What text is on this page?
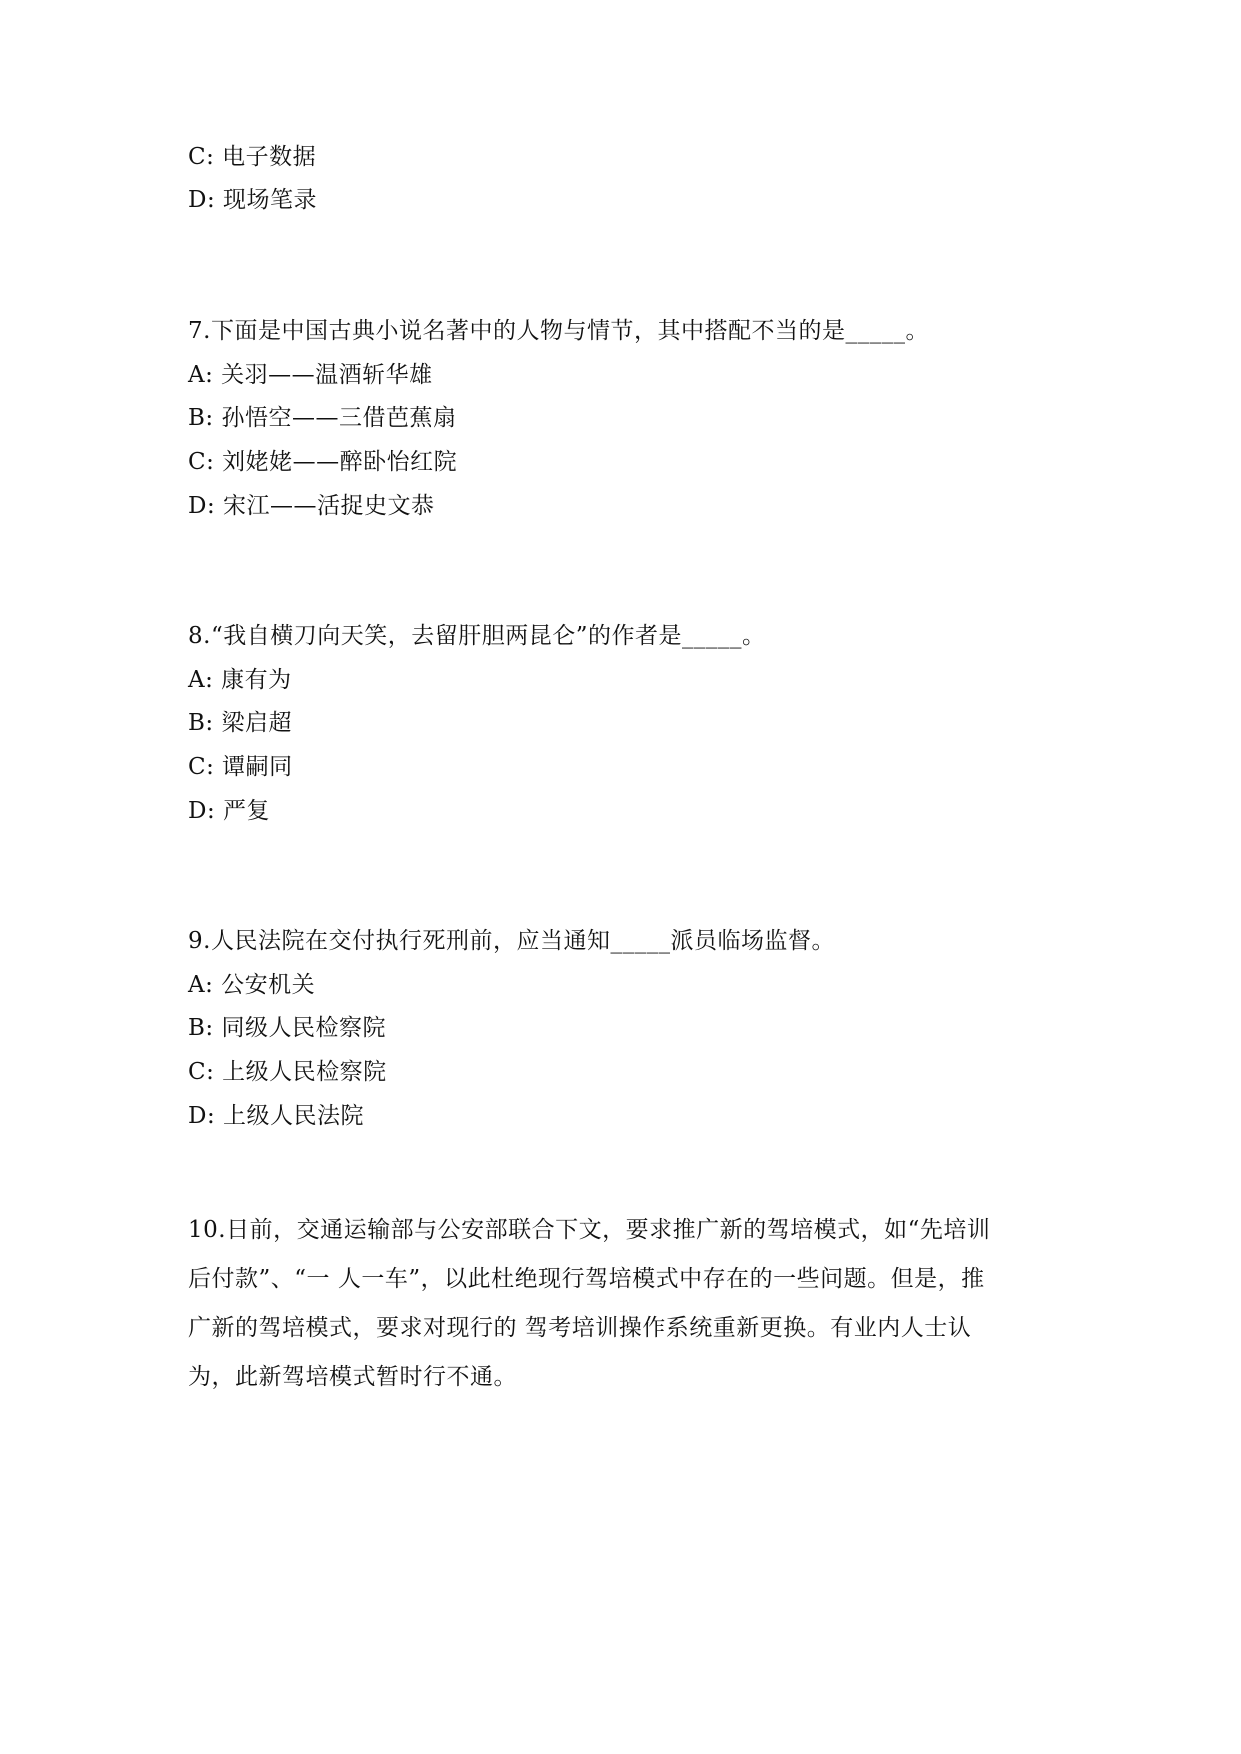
C: 电子数据
D: 现场笔录
7.下面是中国古典小说名著中的人物与情节，其中搭配不当的是_____。
A: 关羽——温酒斩华雄
B: 孙悟空——三借芭蕉扇
C: 刘姥姥——醉卧怡红院
D: 宋江——活捉史文恭
8.“我自横刀向天笑，去留肝胆两昆仑”的作者是_____。
A: 康有为
B: 梁启超
C: 谭嗣同
D: 严复
9.人民法院在交付执行死刑前，应当通知_____派员临场监督。
A: 公安机关
B: 同级人民检察院
C: 上级人民检察院
D: 上级人民法院
10.日前，交通运输部与公安部联合下文，要求推广新的驾培模式，如“先培训
后付款”、“一 人一车”，以此杜绝现行驾培模式中存在的一些问题。但是，推
广新的驾培模式，要求对现行的 驾考培训操作系统重新更换。有业内人士认
为，此新驾培模式暂时行不通。
